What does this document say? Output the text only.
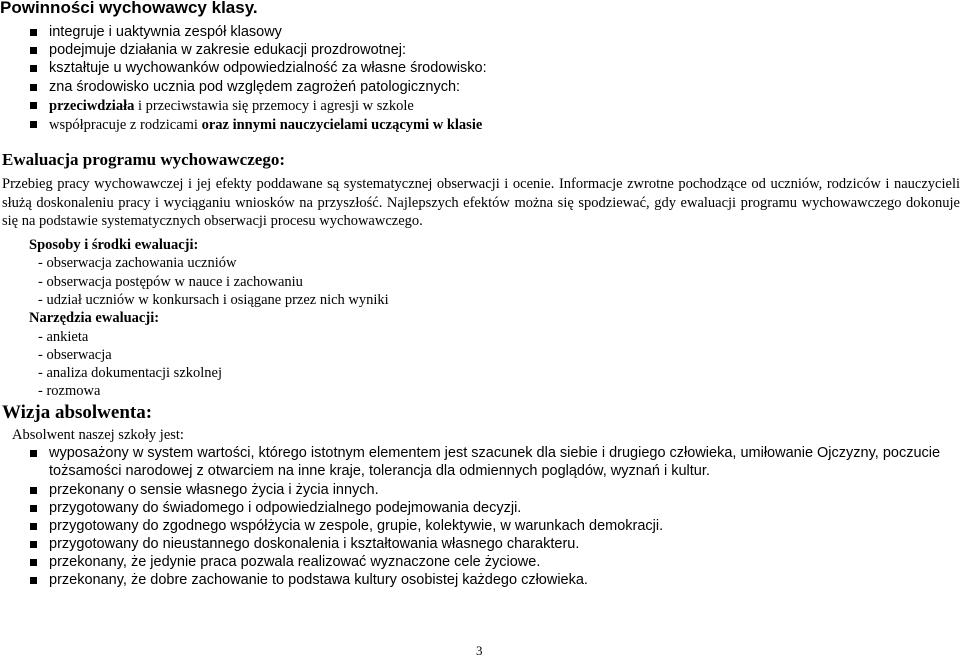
Powinności wychowawcy klasy.
integruje i uaktywnia zespół klasowy
podejmuje działania w zakresie edukacji prozdrowotnej:
kształtuje u wychowanków odpowiedzialność za własne środowisko:
zna środowisko ucznia pod względem zagrożeń patologicznych:
przeciwdziała i przeciwstawia się przemocy i agresji w szkole
współpracuje z rodzicami oraz innymi nauczycielami uczącymi w klasie
Ewaluacja programu wychowawczego:
Przebieg pracy wychowawczej i jej efekty poddawane są systematycznej obserwacji i ocenie. Informacje zwrotne pochodzące od uczniów, rodziców i nauczycieli służą doskonaleniu pracy i wyciąganiu wniosków na przyszłość. Najlepszych efektów można się spodziewać, gdy ewaluacji programu wychowawczego dokonuje się na podstawie systematycznych obserwacji procesu wychowawczego.
Sposoby i środki ewaluacji:
- obserwacja zachowania uczniów
- obserwacja postępów w nauce i zachowaniu
- udział uczniów w konkursach i osiągane przez nich wyniki
Narzędzia ewaluacji:
- ankieta
- obserwacja
- analiza dokumentacji szkolnej
- rozmowa
Wizja absolwenta:
Absolwent naszej szkoły jest:
wyposażony w system wartości, którego istotnym elementem jest szacunek dla siebie i drugiego człowieka, umiłowanie Ojczyzny, poczucie
tożsamości narodowej z otwarciem na inne kraje, tolerancja dla odmiennych poglądów, wyznań i kultur.
przekonany o sensie własnego życia i życia innych.
przygotowany do świadomego i odpowiedzialnego podejmowania decyzji.
przygotowany do zgodnego współżycia w zespole, grupie, kolektywie, w warunkach demokracji.
przygotowany do nieustannego doskonalenia i kształtowania własnego charakteru.
przekonany, że jedynie praca pozwala realizować wyznaczone cele życiowe.
przekonany, że dobre zachowanie to podstawa kultury osobistej każdego człowieka.
3
